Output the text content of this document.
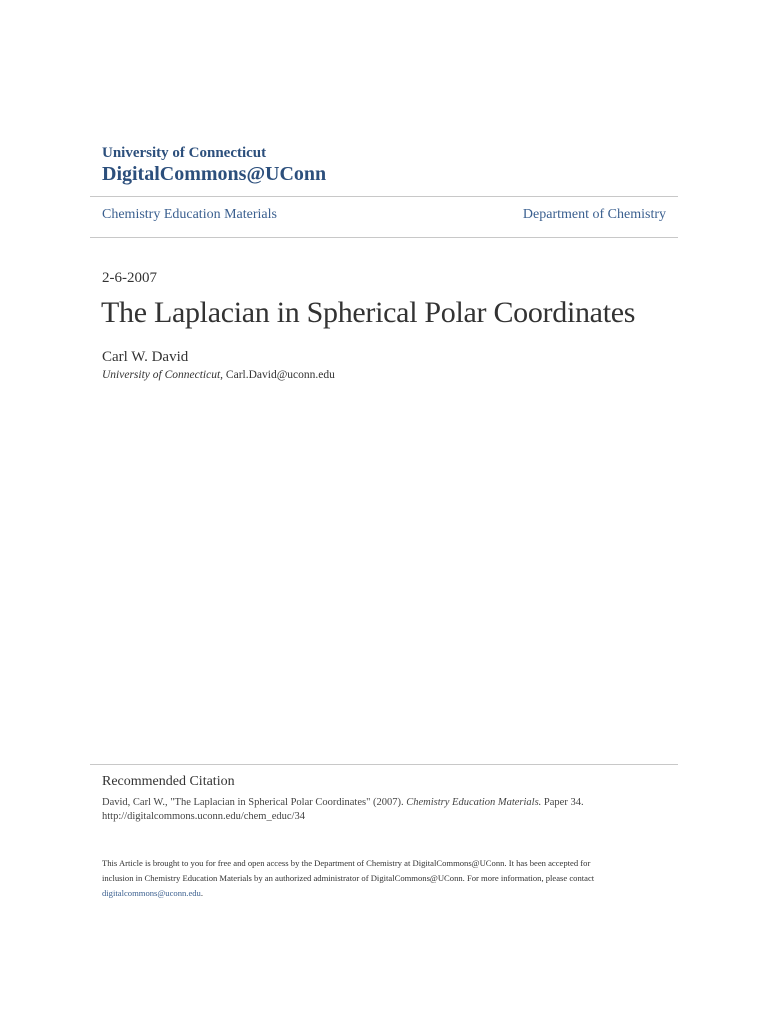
University of Connecticut
DigitalCommons@UConn
Chemistry Education Materials	Department of Chemistry
2-6-2007
The Laplacian in Spherical Polar Coordinates
Carl W. David
University of Connecticut, Carl.David@uconn.edu
Recommended Citation
David, Carl W., "The Laplacian in Spherical Polar Coordinates" (2007). Chemistry Education Materials. Paper 34.
http://digitalcommons.uconn.edu/chem_educ/34
This Article is brought to you for free and open access by the Department of Chemistry at DigitalCommons@UConn. It has been accepted for
inclusion in Chemistry Education Materials by an authorized administrator of DigitalCommons@UConn. For more information, please contact
digitalcommons@uconn.edu.
